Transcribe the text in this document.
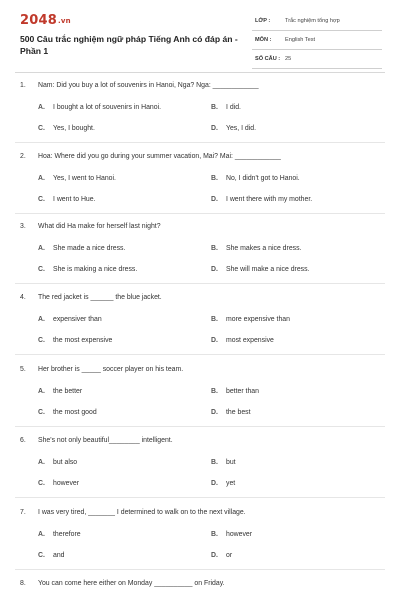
2048.vn
500 Câu trắc nghiệm ngữ pháp Tiếng Anh có đáp án - Phần 1
LỚP :	Trắc nghiệm tổng hợp
MÔN : English Test
SỐ CÂU : 25
1. Nam: Did you buy a lot of souvenirs in Hanoi, Nga? Nga: ____________
A. I bought a lot of souvenirs in Hanoi.	B. I did.
C. Yes, I bought.	D. Yes, I did.
2. Hoa: Where did you go during your summer vacation, Mai? Mai: ____________
A. Yes, I went to Hanoi.	B. No, I didn't got to Hanoi.
C. I went to Hue.	D. I went there with my mother.
3. What did Ha make for herself last night?
A. She made a nice dress.	B. She makes a nice dress.
C. She is making a nice dress.	D. She will make a nice dress.
4. The red jacket is ______ the blue jacket.
A. expensiver than	B. more expensive than
C. the most expensive	D. most expensive
5. Her brother is _____ soccer player on his team.
A. the better	B. better than
C. the most good	D. the best
6. She's not only beautiful________ intelligent.
A. but also	B. but
C. however	D. yet
7. I was very tired, _______ I determined to walk on to the next village.
A. therefore	B. however
C. and	D. or
8. You can come here either on Monday __________ on Friday.
